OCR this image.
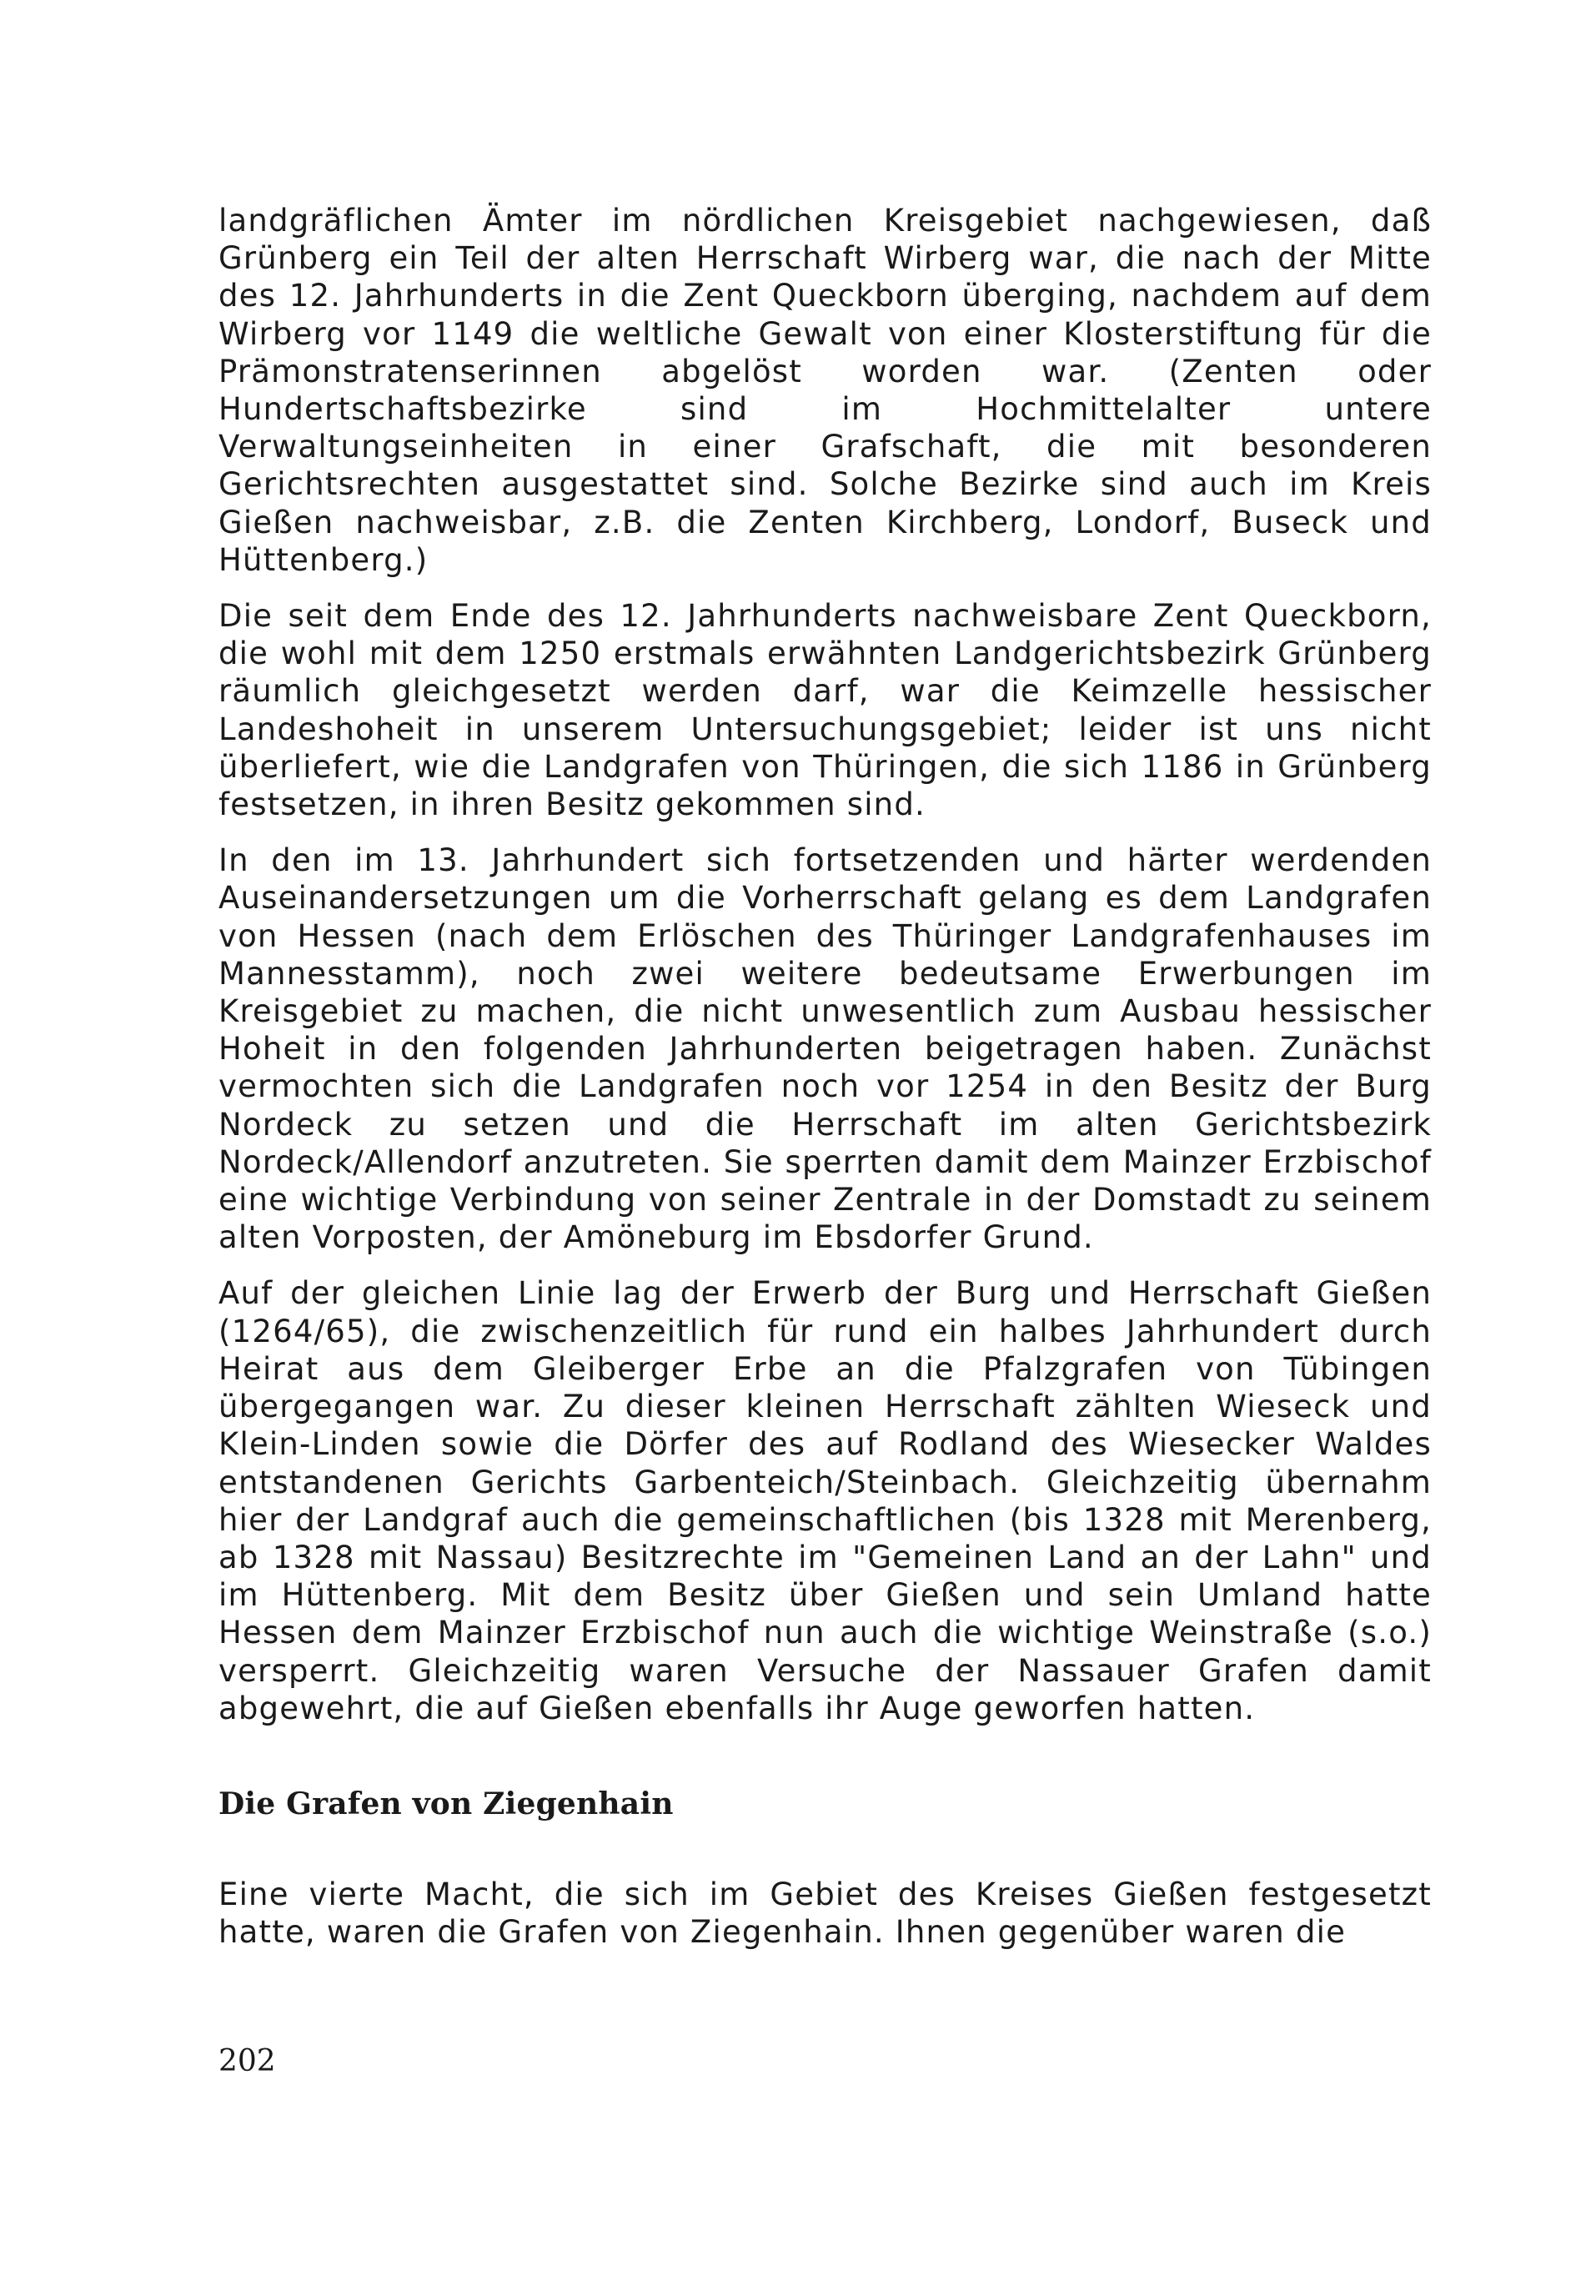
landgräflichen Ämter im nördlichen Kreisgebiet nachgewiesen, daß Grünberg ein Teil der alten Herrschaft Wirberg war, die nach der Mitte des 12. Jahrhunderts in die Zent Queckborn überging, nachdem auf dem Wirberg vor 1149 die weltliche Gewalt von einer Klosterstiftung für die Prämonstratenserinnen abgelöst worden war. (Zenten oder Hundertschaftsbezirke sind im Hochmittelalter untere Verwaltungseinheiten in einer Grafschaft, die mit besonderen Gerichtsrechten ausgestattet sind. Solche Bezirke sind auch im Kreis Gießen nachweisbar, z.B. die Zenten Kirchberg, Londorf, Buseck und Hüttenberg.)

Die seit dem Ende des 12. Jahrhunderts nachweisbare Zent Queckborn, die wohl mit dem 1250 erstmals erwähnten Landgerichtsbezirk Grünberg räumlich gleichgesetzt werden darf, war die Keimzelle hessischer Landeshoheit in unserem Untersuchungsgebiet; leider ist uns nicht überliefert, wie die Landgrafen von Thüringen, die sich 1186 in Grünberg festsetzen, in ihren Besitz gekommen sind.

In den im 13. Jahrhundert sich fortsetzenden und härter werdenden Auseinandersetzungen um die Vorherrschaft gelang es dem Landgrafen von Hessen (nach dem Erlöschen des Thüringer Landgrafenhauses im Mannesstamm), noch zwei weitere bedeutsame Erwerbungen im Kreisgebiet zu machen, die nicht unwesentlich zum Ausbau hessischer Hoheit in den folgenden Jahrhunderten beigetragen haben. Zunächst vermochten sich die Landgrafen noch vor 1254 in den Besitz der Burg Nordeck zu setzen und die Herrschaft im alten Gerichtsbezirk Nordeck/Allendorf anzutreten. Sie sperrten damit dem Mainzer Erzbischof eine wichtige Verbindung von seiner Zentrale in der Domstadt zu seinem alten Vorposten, der Amöneburg im Ebsdorfer Grund.

Auf der gleichen Linie lag der Erwerb der Burg und Herrschaft Gießen (1264/65), die zwischenzeitlich für rund ein halbes Jahrhundert durch Heirat aus dem Gleiberger Erbe an die Pfalzgrafen von Tübingen übergegangen war. Zu dieser kleinen Herrschaft zählten Wieseck und Klein-Linden sowie die Dörfer des auf Rodland des Wiesecker Waldes entstandenen Gerichts Garbenteich/Steinbach. Gleichzeitig übernahm hier der Landgraf auch die gemeinschaftlichen (bis 1328 mit Merenberg, ab 1328 mit Nassau) Besitzrechte im "Gemeinen Land an der Lahn" und im Hüttenberg. Mit dem Besitz über Gießen und sein Umland hatte Hessen dem Mainzer Erzbischof nun auch die wichtige Weinstraße (s.o.) versperrt. Gleichzeitig waren Versuche der Nassauer Grafen damit abgewehrt, die auf Gießen ebenfalls ihr Auge geworfen hatten.

Die Grafen von Ziegenhain

Eine vierte Macht, die sich im Gebiet des Kreises Gießen festgesetzt hatte, waren die Grafen von Ziegenhain. Ihnen gegenüber waren die

202
